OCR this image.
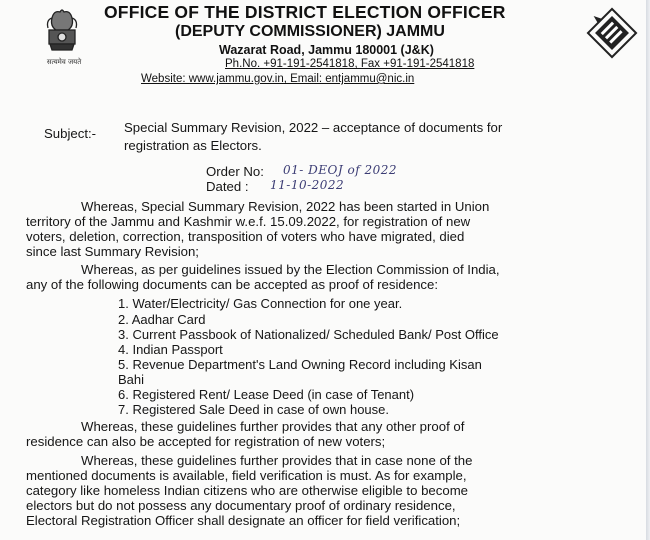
सत्यमेव जयते
OFFICE OF THE DISTRICT ELECTION OFFICER
(DEPUTY COMMISSIONER) JAMMU
Wazarat Road, Jammu 180001 (J&K)
Ph.No. +91-191-2541818, Fax +91-191-2541818
Website: www.jammu.gov.in, Email: entjammu@nic.in
Subject:- Special Summary Revision, 2022 – acceptance of documents for
registration as Electors.
Order No: 01- DEOJ of 2022
Dated : 11-10-2022
Whereas, Special Summary Revision, 2022 has been started in Union
territory of the Jammu and Kashmir w.e.f. 15.09.2022, for registration of new
voters, deletion, correction, transposition of voters who have migrated, died
since last Summary Revision;
Whereas, as per guidelines issued by the Election Commission of India,
any of the following documents can be accepted as proof of residence:
1. Water/Electricity/ Gas Connection for one year.
2. Aadhar Card
3. Current Passbook of Nationalized/ Scheduled Bank/ Post Office
4. Indian Passport
5. Revenue Department's Land Owning Record including Kisan
Bahi
6. Registered Rent/ Lease Deed (in case of Tenant)
7. Registered Sale Deed in case of own house.
Whereas, these guidelines further provides that any other proof of
residence can also be accepted for registration of new voters;
Whereas, these guidelines further provides that in case none of the
mentioned documents is available, field verification is must. As for example,
category like homeless Indian citizens who are otherwise eligible to become
electors but do not possess any documentary proof of ordinary residence,
Electoral Registration Officer shall designate an officer for field verification;
